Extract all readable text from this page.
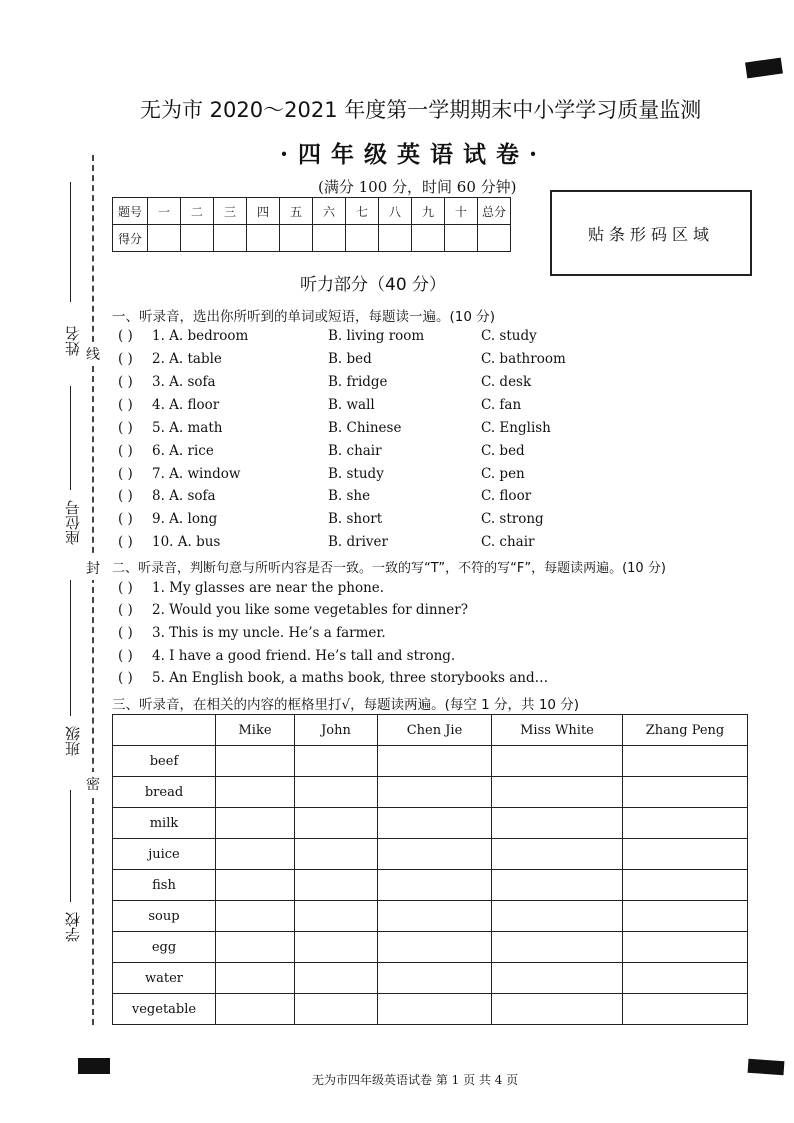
无为市 2020～2021 年度第一学期期末中小学学习质量监测
·四年级英语试卷·
(满分 100 分，时间 60 分钟)
题号	一	二	三	四	五	六	七	八	九	十	总分
得分												贴条形码区域
姓名 线
座位号
封
班级
密
学校
听力部分（40 分）
一、听录音，选出你所听到的单词或短语，每题读一遍。(10 分)
( ) 1. A. bedroom	B. living room	C. study
( ) 2. A. table	B. bed	C. bathroom
( ) 3. A. sofa	B. fridge	C. desk
( ) 4. A. floor	B. wall	C. fan
( ) 5. A. math	B. Chinese	C. English
( ) 6. A. rice	B. chair	C. bed
( ) 7. A. window	B. study	C. pen
( ) 8. A. sofa	B. she	C. floor
( ) 9. A. long	B. short	C. strong
( ) 10. A. bus	B. driver	C. chair
二、听录音，判断句意与所听内容是否一致。一致的写“T”，不符的写“F”，每题读两遍。(10 分)
( ) 1. My glasses are near the phone.
( ) 2. Would you like some vegetables for dinner?
( ) 3. This is my uncle. He’s a farmer.
( ) 4. I have a good friend. He’s tall and strong.
( ) 5. An English book, a maths book, three storybooks and…
三、听录音，在相关的内容的框格里打√，每题读两遍。(每空 1 分，共 10 分)
	Mike	John	Chen Jie	Miss White	Zhang Peng
beef					
bread					
milk					
juice					
fish					
soup					
egg					
water					
vegetable					
无为市四年级英语试卷 第 1 页 共 4 页
